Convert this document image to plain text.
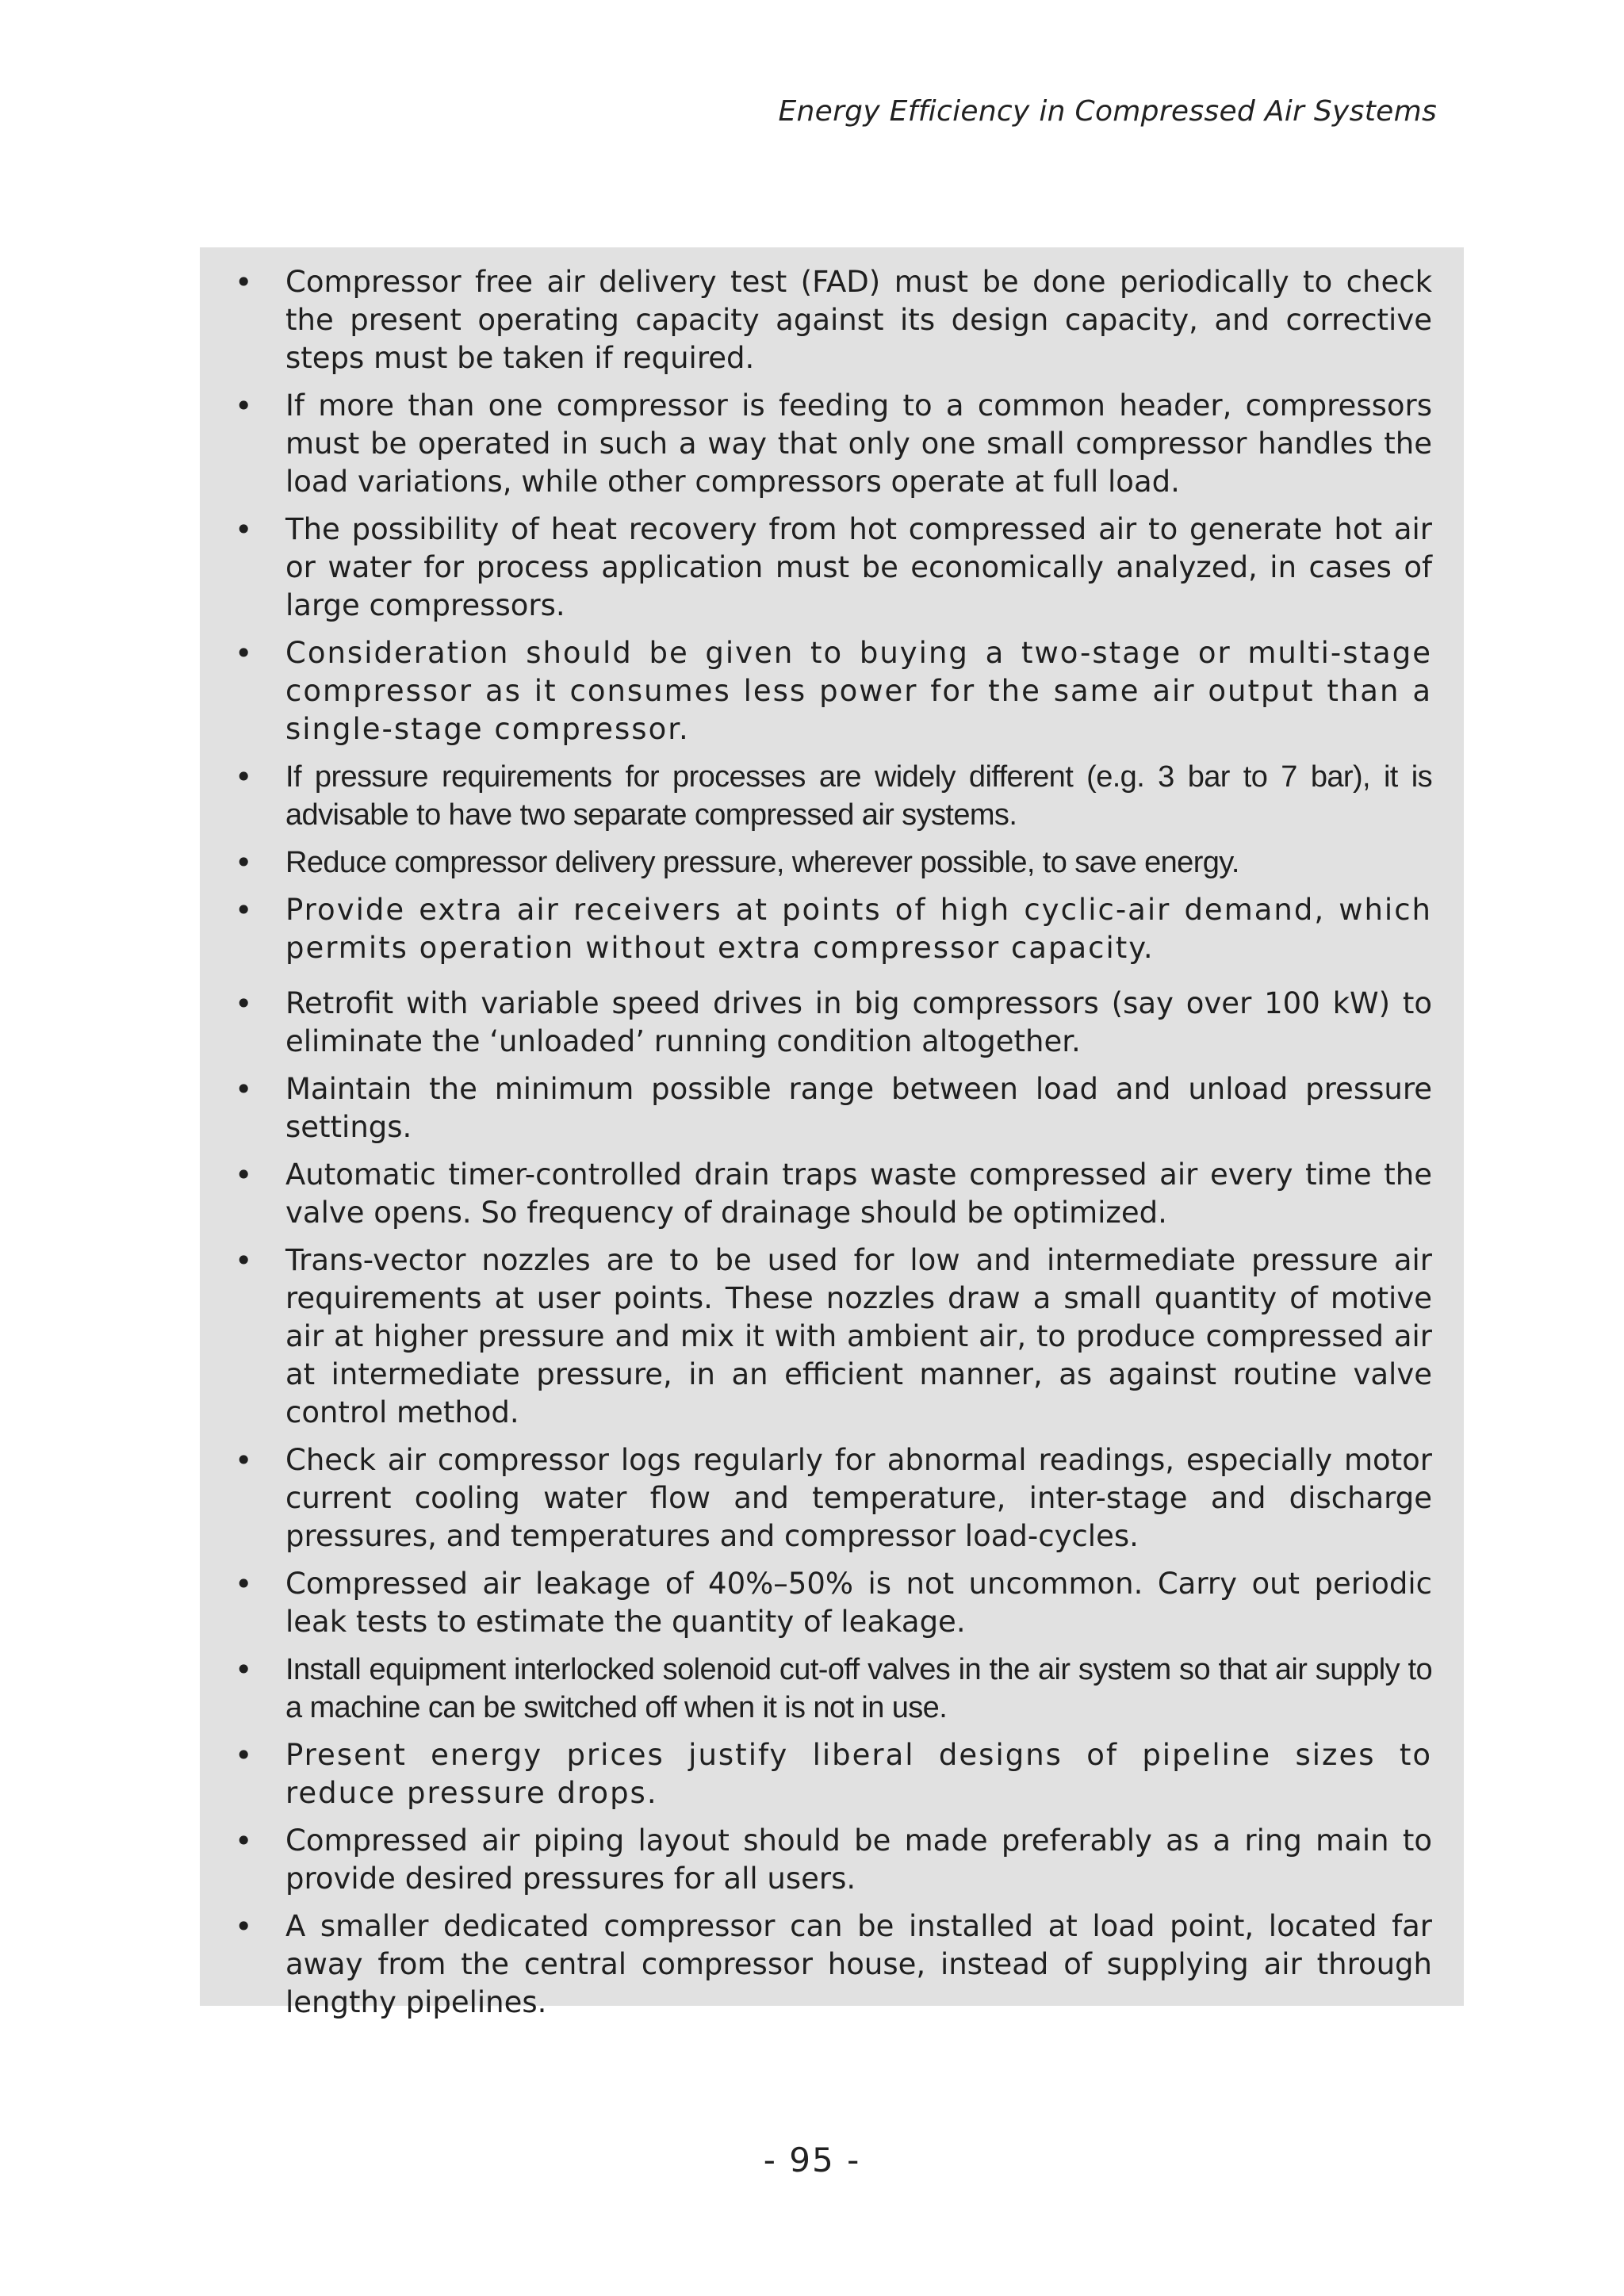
Energy Efficiency in Compressed Air Systems
• Compressor free air delivery test (FAD) must be done periodically to check the present operating capacity against its design capacity, and corrective steps must be taken if required.
• If more than one compressor is feeding to a common header, compressors must be operated in such a way that only one small compressor handles the load variations, while other compressors operate at full load.
• The possibility of heat recovery from hot compressed air to generate hot air or water for process application must be economically analyzed, in cases of large compressors.
• Consideration should be given to buying a two-stage or multi-stage compressor as it consumes less power for the same air output than a single-stage compressor.
• If pressure requirements for processes are widely different (e.g. 3 bar to 7 bar), it is advisable to have two separate compressed air systems.
• Reduce compressor delivery pressure, wherever possible, to save energy.
• Provide extra air receivers at points of high cyclic-air demand, which permits operation without extra compressor capacity.
• Retrofit with variable speed drives in big compressors (say over 100 kW) to eliminate the ‘unloaded’ running condition altogether.
• Maintain the minimum possible range between load and unload pressure settings.
• Automatic timer-controlled drain traps waste compressed air every time the valve opens. So frequency of drainage should be optimized.
• Trans-vector nozzles are to be used for low and intermediate pressure air requirements at user points. These nozzles draw a small quantity of motive air at higher pressure and mix it with ambient air, to produce compressed air at intermediate pressure, in an efficient manner, as against routine valve control method.
• Check air compressor logs regularly for abnormal readings, especially motor current cooling water flow and temperature, inter-stage and discharge pressures, and temperatures and compressor load-cycles.
• Compressed air leakage of 40%–50% is not uncommon. Carry out periodic leak tests to estimate the quantity of leakage.
• Install equipment interlocked solenoid cut-off valves in the air system so that air supply to a machine can be switched off when it is not in use.
• Present energy prices justify liberal designs of pipeline sizes to reduce pressure drops.
• Compressed air piping layout should be made preferably as a ring main to provide desired pressures for all users.
• A smaller dedicated compressor can be installed at load point, located far away from the central compressor house, instead of supplying air through lengthy pipelines.
- 95 -
